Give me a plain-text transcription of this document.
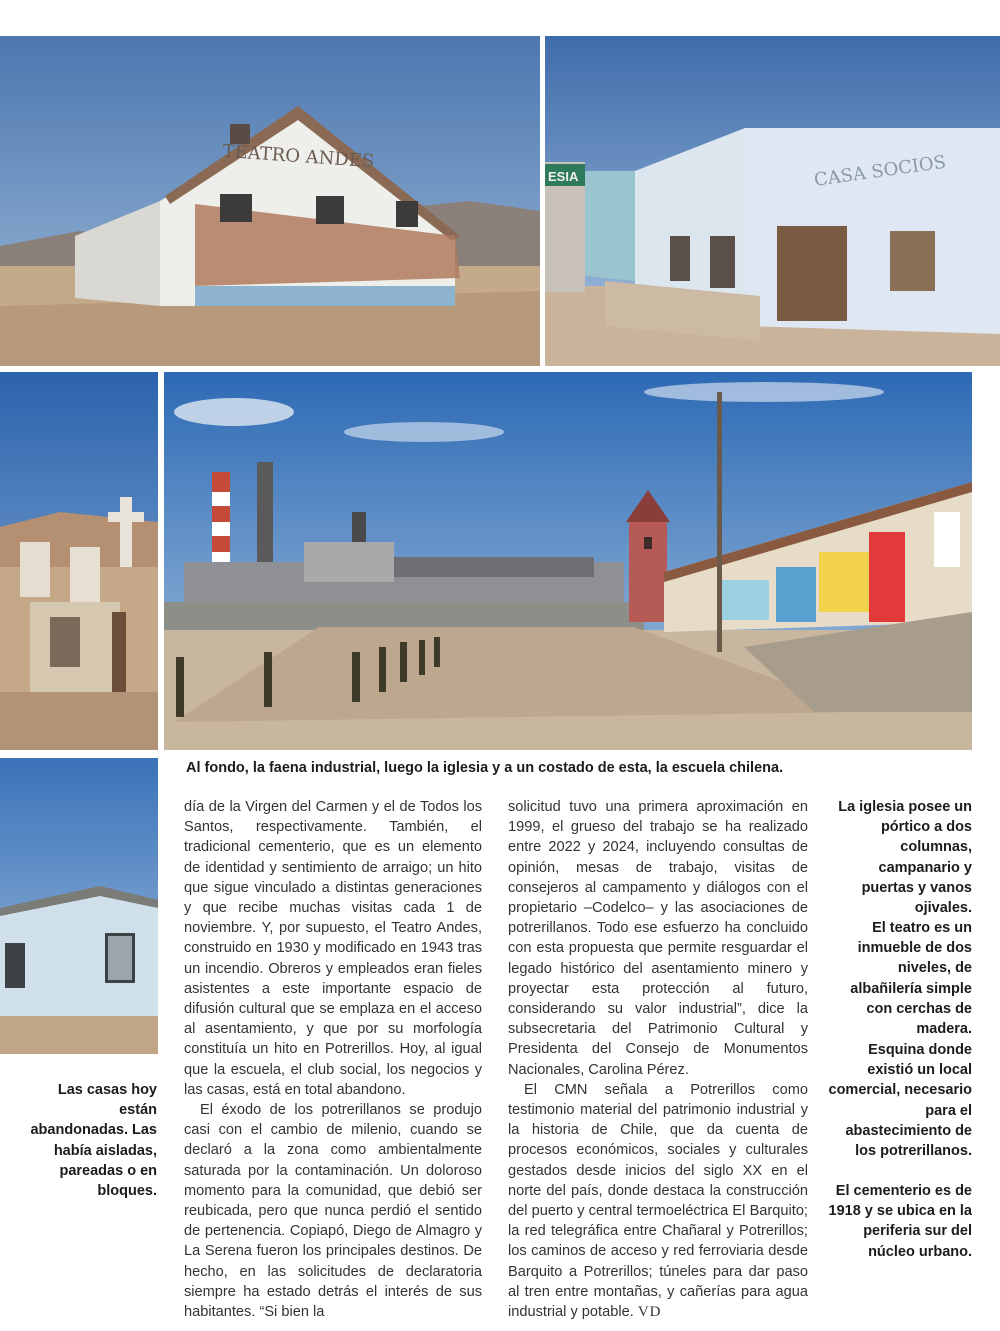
TEATRO ANDES
ESIA	CASA SOCIOS
Al fondo, la faena industrial, luego la iglesia y a un costado de esta, la escuela chilena.
Las casas hoy están abandonadas. Las había aisladas, pareadas o en bloques.

día de la Virgen del Carmen y el de Todos los Santos, respectivamente. También, el tradicional cementerio, que es un elemento de identidad y sentimiento de arraigo; un hito que sigue vinculado a distintas generaciones y que recibe muchas visitas cada 1 de noviembre. Y, por supuesto, el Teatro Andes, construido en 1930 y modificado en 1943 tras un incendio. Obreros y empleados eran fieles asistentes a este importante espacio de difusión cultural que se emplaza en el acceso al asentamiento, y que por su morfología constituía un hito en Potrerillos. Hoy, al igual que la escuela, el club social, los negocios y las casas, está en total abandono.

El éxodo de los potrerillanos se produjo casi con el cambio de milenio, cuando se declaró a la zona como ambientalmente saturada por la contaminación. Un doloroso momento para la comunidad, que debió ser reubicada, pero que nunca perdió el sentido de pertenencia. Copiapó, Diego de Almagro y La Serena fueron los principales destinos. De hecho, en las solicitudes de declaratoria siempre ha estado detrás el interés de sus habitantes. “Si bien la

solicitud tuvo una primera aproximación en 1999, el grueso del trabajo se ha realizado entre 2022 y 2024, incluyendo consultas de opinión, mesas de trabajo, visitas de consejeros al campamento y diálogos con el propietario –Codelco– y las asociaciones de potrerillanos. Todo ese esfuerzo ha concluido con esta propuesta que permite resguardar el legado histórico del asentamiento minero y proyectar esta protección al futuro, considerando su valor industrial”, dice la subsecretaria del Patrimonio Cultural y Presidenta del Consejo de Monumentos Nacionales, Carolina Pérez.

El CMN señala a Potrerillos como testimonio material del patrimonio industrial y la historia de Chile, que da cuenta de procesos económicos, sociales y culturales gestados desde inicios del siglo XX en el norte del país, donde destaca la construcción del puerto y central termoeléctrica El Barquito; la red telegráfica entre Chañaral y Potrerillos; los caminos de acceso y red ferroviaria desde Barquito a Potrerillos; túneles para dar paso al tren entre montañas, y cañerías para agua industrial y potable. VD

La iglesia posee un pórtico a dos columnas, campanario y puertas y vanos ojivales.
El teatro es un inmueble de dos niveles, de albañilería simple con cerchas de madera.
Esquina donde existió un local comercial, necesario para el abastecimiento de los potrerillanos.
El cementerio es de 1918 y se ubica en la periferia sur del núcleo urbano.
